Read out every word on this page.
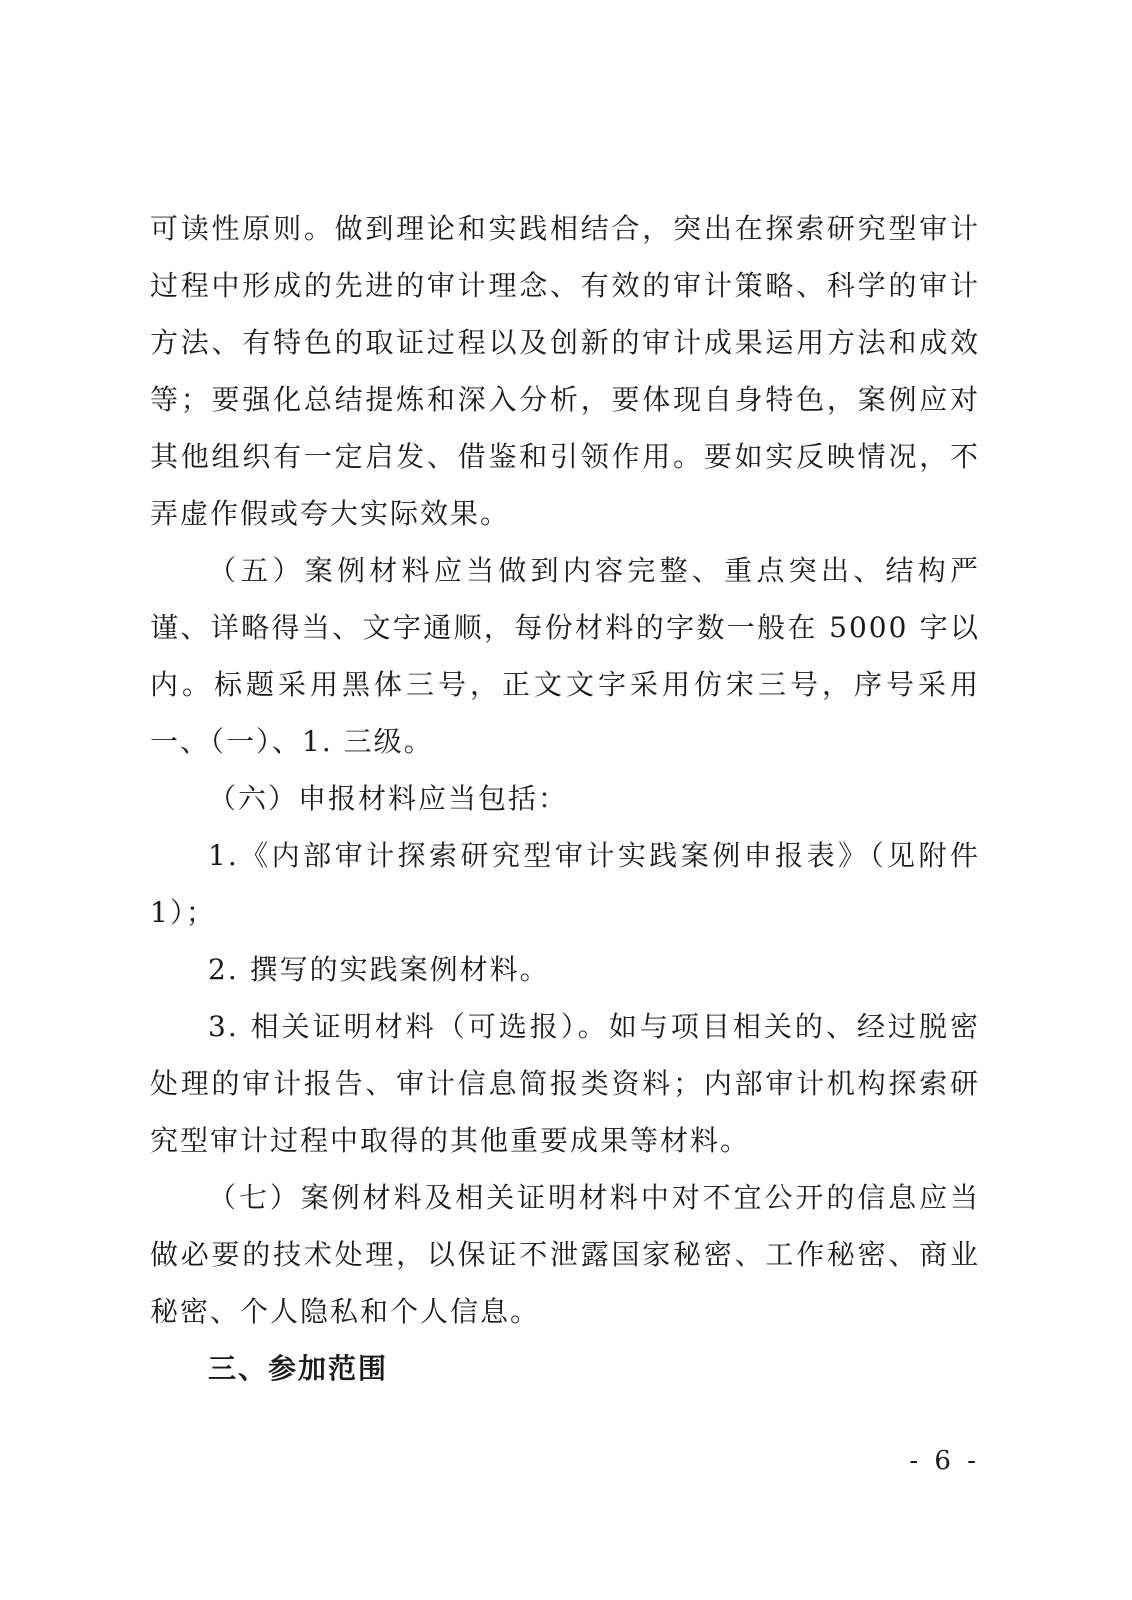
可读性原则。做到理论和实践相结合，突出在探索研究型审计过程中形成的先进的审计理念、有效的审计策略、科学的审计方法、有特色的取证过程以及创新的审计成果运用方法和成效等；要强化总结提炼和深入分析，要体现自身特色，案例应对其他组织有一定启发、借鉴和引领作用。要如实反映情况，不弄虚作假或夸大实际效果。

（五）案例材料应当做到内容完整、重点突出、结构严谨、详略得当、文字通顺，每份材料的字数一般在 5000 字以内。标题采用黑体三号，正文文字采用仿宋三号，序号采用一、（一）、1. 三级。

（六）申报材料应当包括：

1.《内部审计探索研究型审计实践案例申报表》（见附件 1）；

2. 撰写的实践案例材料。

3. 相关证明材料（可选报）。如与项目相关的、经过脱密处理的审计报告、审计信息简报类资料；内部审计机构探索研究型审计过程中取得的其他重要成果等材料。

（七）案例材料及相关证明材料中对不宜公开的信息应当做必要的技术处理，以保证不泄露国家秘密、工作秘密、商业秘密、个人隐私和个人信息。

三、参加范围
- 6 -
